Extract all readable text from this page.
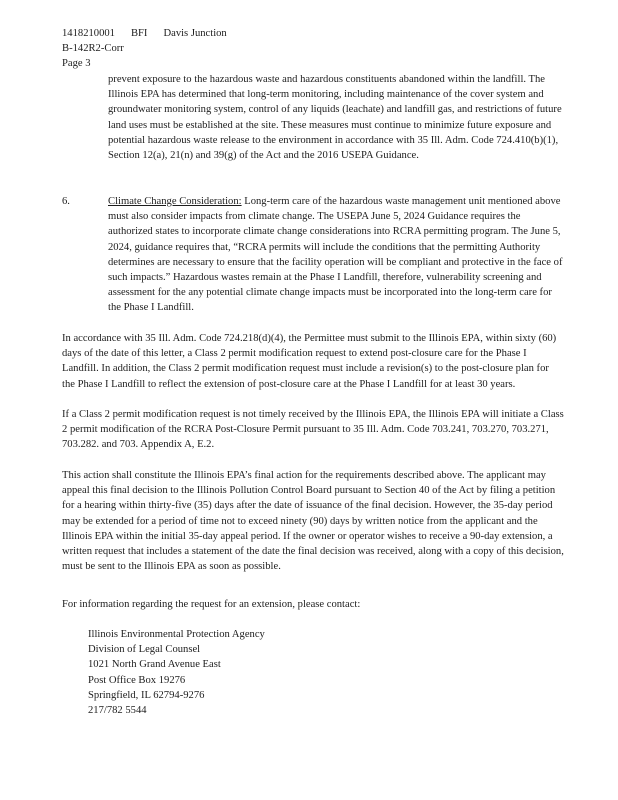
1418210001 BFI Davis Junction
B-142R2-Corr
Page 3
prevent exposure to the hazardous waste and hazardous constituents abandoned within the landfill. The Illinois EPA has determined that long-term monitoring, including maintenance of the cover system and groundwater monitoring system, control of any liquids (leachate) and landfill gas, and restrictions of future land uses must be established at the site. These measures must continue to minimize future exposure and potential hazardous waste release to the environment in accordance with 35 Ill. Adm. Code 724.410(b)(1), Section 12(a), 21(n) and 39(g) of the Act and the 2016 USEPA Guidance.
6.	Climate Change Consideration: Long-term care of the hazardous waste management unit mentioned above must also consider impacts from climate change. The USEPA June 5, 2024 Guidance requires the authorized states to incorporate climate change considerations into RCRA permitting program. The June 5, 2024, guidance requires that, “RCRA permits will include the conditions that the permitting Authority determines are necessary to ensure that the facility operation will be compliant and protective in the face of such impacts.” Hazardous wastes remain at the Phase I Landfill, therefore, vulnerability screening and assessment for the any potential climate change impacts must be incorporated into the long-term care for the Phase I Landfill.
In accordance with 35 Ill. Adm. Code 724.218(d)(4), the Permittee must submit to the Illinois EPA, within sixty (60) days of the date of this letter, a Class 2 permit modification request to extend post-closure care for the Phase I Landfill. In addition, the Class 2 permit modification request must include a revision(s) to the post-closure plan for the Phase I Landfill to reflect the extension of post-closure care at the Phase I Landfill for at least 30 years.
If a Class 2 permit modification request is not timely received by the Illinois EPA, the Illinois EPA will initiate a Class 2 permit modification of the RCRA Post-Closure Permit pursuant to 35 Ill. Adm. Code 703.241, 703.270, 703.271, 703.282. and 703. Appendix A, E.2.
This action shall constitute the Illinois EPA’s final action for the requirements described above. The applicant may appeal this final decision to the Illinois Pollution Control Board pursuant to Section 40 of the Act by filing a petition for a hearing within thirty-five (35) days after the date of issuance of the final decision. However, the 35-day period may be extended for a period of time not to exceed ninety (90) days by written notice from the applicant and the Illinois EPA within the initial 35-day appeal period. If the owner or operator wishes to receive a 90-day extension, a written request that includes a statement of the date the final decision was received, along with a copy of this decision, must be sent to the Illinois EPA as soon as possible.
For information regarding the request for an extension, please contact:
Illinois Environmental Protection Agency
Division of Legal Counsel
1021 North Grand Avenue East
Post Office Box 19276
Springfield, IL 62794-9276
217/782 5544
